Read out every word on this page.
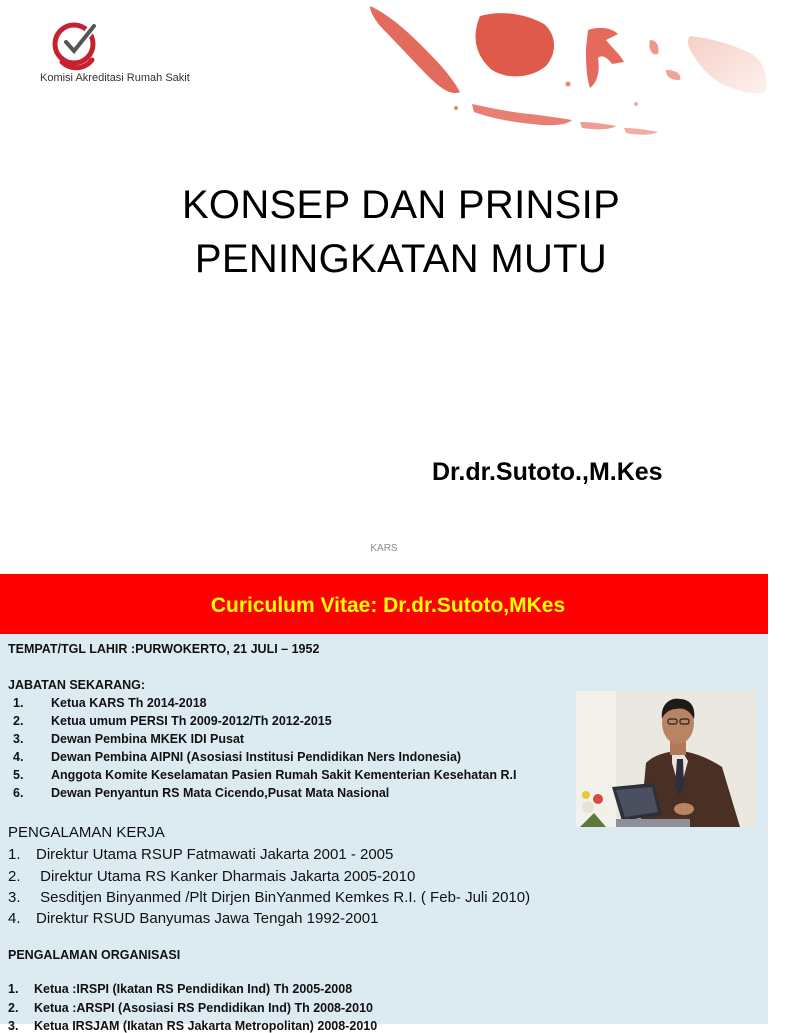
Komisi Akreditasi Rumah Sakit
KONSEP DAN PRINSIP
PENINGKATAN MUTU
Dr.dr.Sutoto.,M.Kes
KARS
Curiculum Vitae: Dr.dr.Sutoto,MKes
TEMPAT/TGL LAHIR :PURWOKERTO, 21 JULI – 1952
JABATAN SEKARANG:
1. Ketua KARS Th 2014-2018
2. Ketua umum PERSI Th 2009-2012/Th 2012-2015
3. Dewan Pembina MKEK IDI Pusat
4. Dewan Pembina AIPNI (Asosiasi Institusi Pendidikan Ners Indonesia)
5. Anggota Komite Keselamatan Pasien Rumah Sakit Kementerian Kesehatan R.I
6. Dewan Penyantun RS Mata Cicendo,Pusat Mata Nasional
PENGALAMAN KERJA
1. Direktur Utama RSUP Fatmawati Jakarta 2001 - 2005
2. Direktur Utama RS Kanker Dharmais Jakarta 2005-2010
3. Sesditjen Binyanmed /Plt Dirjen BinYanmed Kemkes R.I. ( Feb- Juli 2010)
4. Direktur RSUD Banyumas Jawa Tengah 1992-2001
PENGALAMAN ORGANISASI
1. Ketua :IRSPI (Ikatan RS Pendidikan Ind) Th 2005-2008
2. Ketua :ARSPI (Asosiasi RS Pendidikan Ind) Th 2008-2010
3. Ketua IRSJAM (Ikatan RS Jakarta Metropolitan) 2008-2010
